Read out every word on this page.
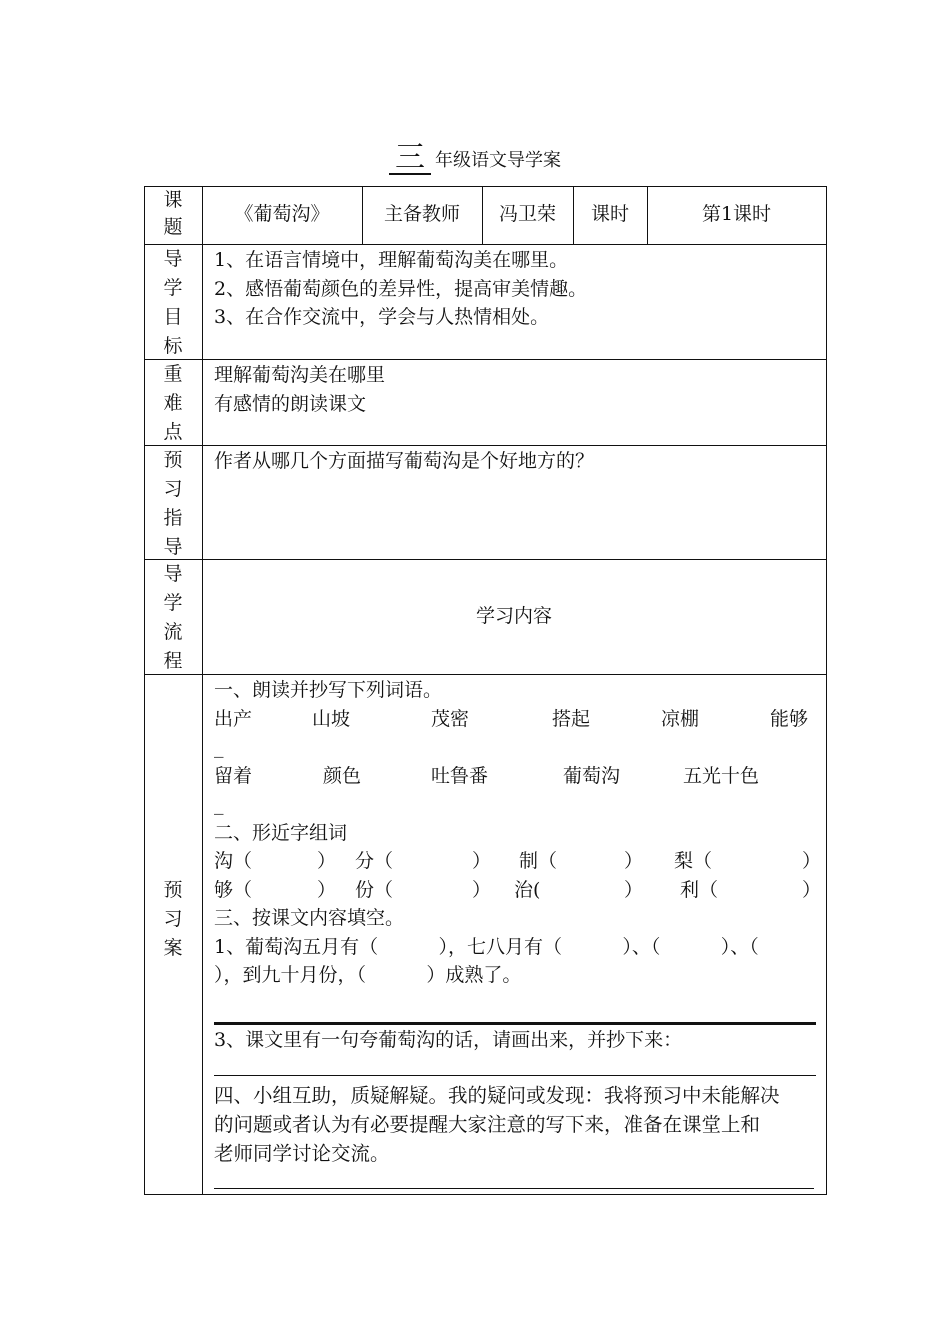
三 年级语文导学案
课题
《葡萄沟》	主备教师	冯卫荣	课时	第1课时
导学目标
1、在语言情境中，理解葡萄沟美在哪里。
2、感悟葡萄颜色的差异性，提高审美情趣。
3、在合作交流中，学会与人热情相处。
重难点
理解葡萄沟美在哪里
有感情的朗读课文
预习指导
作者从哪几个方面描写葡萄沟是个好地方的？
导学流程
学习内容
预习案
一、朗读并抄写下列词语。
出产	山坡	茂密	搭起	凉棚	能够
_
留着	颜色	吐鲁番	葡萄沟	五光十色
_
二、形近字组词
沟（	） 分（	） 制（	） 梨（	）
够（	） 份（	） 治(	） 利（	）
三、按课文内容填空。
1、葡萄沟五月有（          ），七八月有（          ）、（          ）、（
），到九十月份，（          ）成熟了。
3、课文里有一句夸葡萄沟的话，请画出来，并抄下来：
四、小组互助，质疑解疑。我的疑问或发现：我将预习中未能解决
的问题或者认为有必要提醒大家注意的写下来，准备在课堂上和
老师同学讨论交流。
